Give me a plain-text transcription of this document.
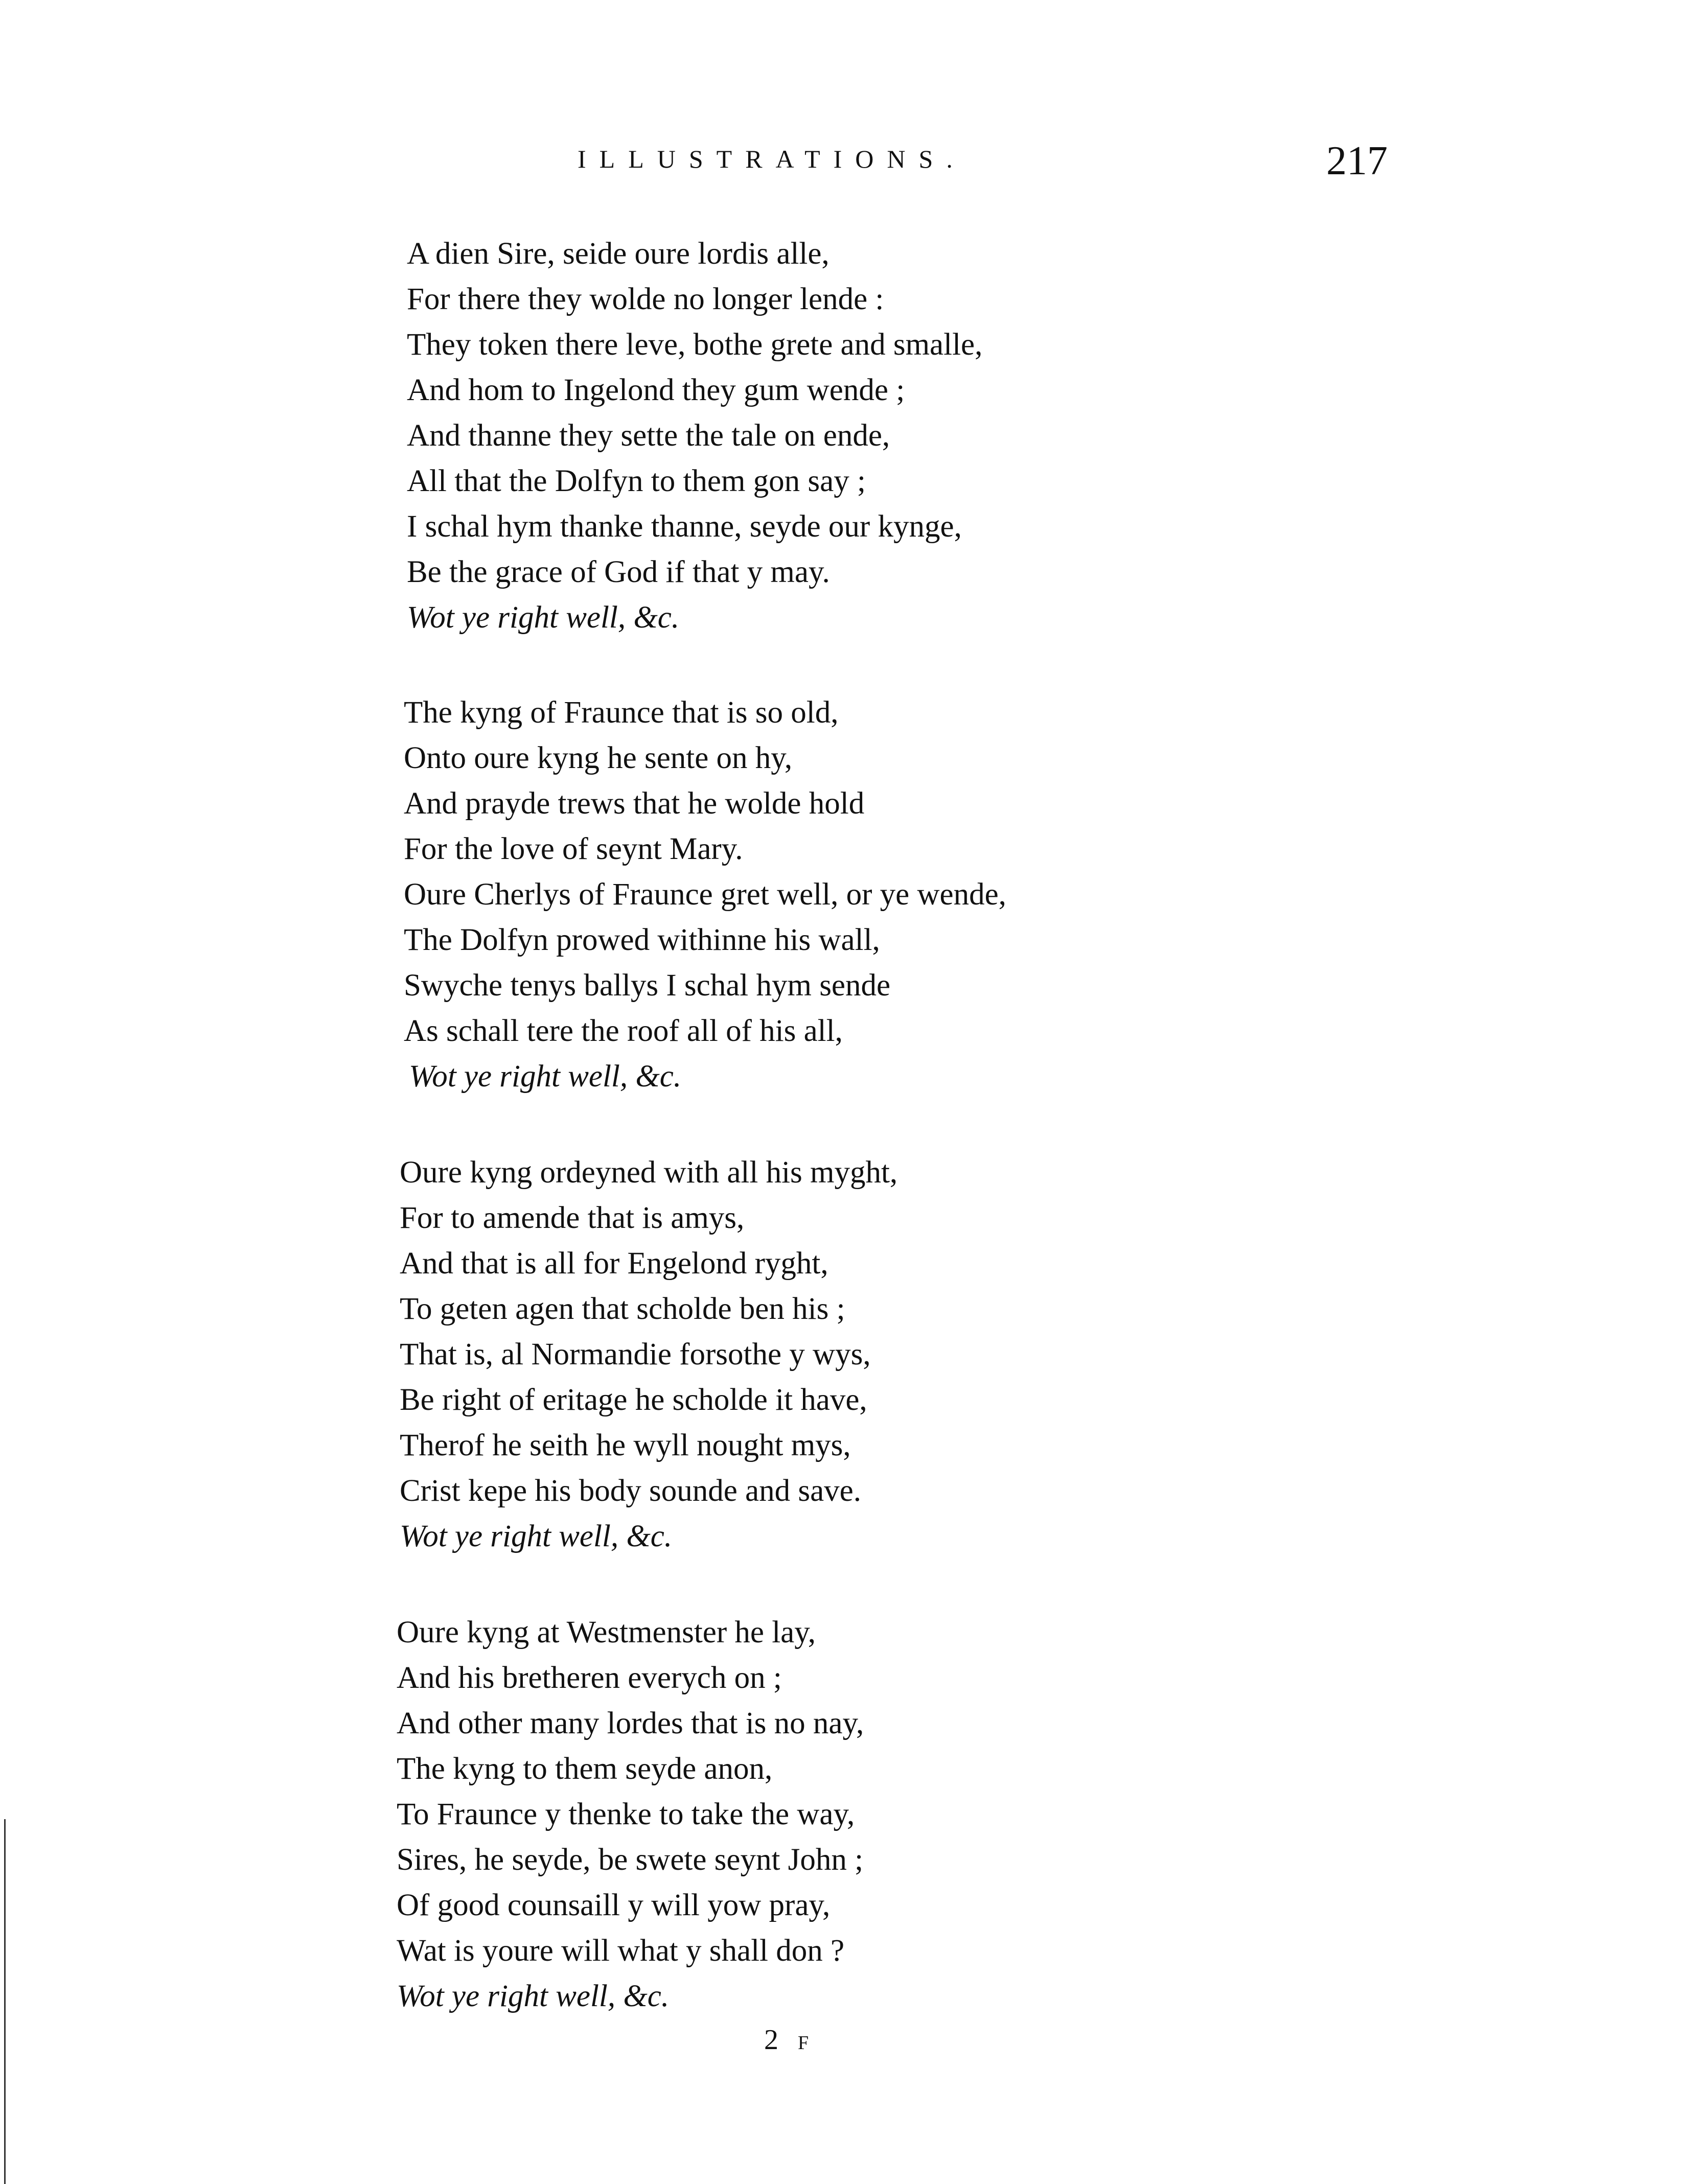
ILLUSTRATIONS.	217
A dien Sire, seide oure lordis alle,
For there they wolde no longer lende :
They token there leve, bothe grete and smalle,
And hom to Ingelond they gum wende ;
And thanne they sette the tale on ende,
All that the Dolfyn to them gon say ;
I schal hym thanke thanne, seyde our kynge,
Be the grace of God if that y may.
Wot ye right well, &c.
The kyng of Fraunce that is so old,
Onto oure kyng he sente on hy,
And prayde trews that he wolde hold
For the love of seynt Mary.
Oure Cherlys of Fraunce gret well, or ye wende,
The Dolfyn prowed withinne his wall,
Swyche tenys ballys I schal hym sende
As schall tere the roof all of his all,
Wot ye right well, &c.
Oure kyng ordeyned with all his myght,
For to amende that is amys,
And that is all for Engelond ryght,
To geten agen that scholde ben his ;
That is, al Normandie forsothe y wys,
Be right of eritage he scholde it have,
Therof he seith he wyll nought mys,
Crist kepe his body sounde and save.
Wot ye right well, &c.
Oure kyng at Westmenster he lay,
And his bretheren everych on ;
And other many lordes that is no nay,
The kyng to them seyde anon,
To Fraunce y thenke to take the way,
Sires, he seyde, be swete seynt John ;
Of good counsaill y will yow pray,
Wat is youre will what y shall don ?
Wot ye right well, &c.
2 F
